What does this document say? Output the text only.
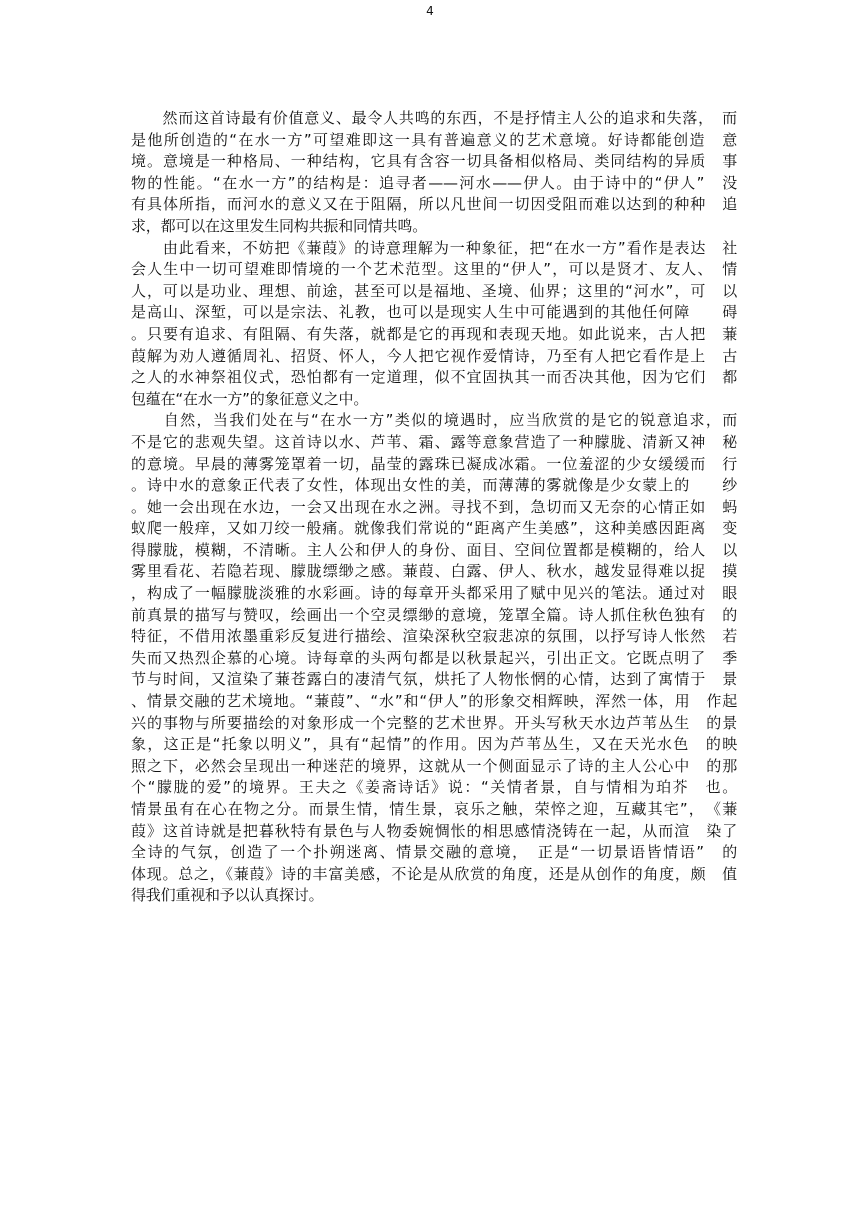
4
　　然而这首诗最有价值意义、最令人共鸣的东西，不是抒情主人公的追求和失落，　而
是他所创造的“在水一方”可望难即这一具有普遍意义的艺术意境。好诗都能创造　意
境。意境是一种格局、一种结构，它具有含容一切具备相似格局、类同结构的异质　事
物的性能。“在水一方”的结构是：追寻者——河水——伊人。由于诗中的“伊人”　没
有具体所指，而河水的意义又在于阻隔，所以凡世间一切因受阻而难以达到的种种　追
求，都可以在这里发生同构共振和同情共鸣。
　　由此看来，不妨把《蒹葭》的诗意理解为一种象征，把“在水一方”看作是表达　社
会人生中一切可望难即情境的一个艺术范型。这里的“伊人”，可以是贤才、友人、　情
人，可以是功业、理想、前途，甚至可以是福地、圣境、仙界；这里的“河水”，可　以
是高山、深堑，可以是宗法、礼教，也可以是现实人生中可能遇到的其他任何障　　碍
。只要有追求、有阻隔、有失落，就都是它的再现和表现天地。如此说来，古人把　蒹
葭解为劝人遵循周礼、招贤、怀人，今人把它视作爱情诗，乃至有人把它看作是上　古
之人的水神祭祖仪式，恐怕都有一定道理，似不宜固执其一而否决其他，因为它们　都
包蕴在“在水一方”的象征意义之中。
　　自然，当我们处在与“在水一方”类似的境遇时，应当欣赏的是它的锐意追求，而
不是它的悲观失望。这首诗以水、芦苇、霜、露等意象营造了一种朦胧、清新又神　秘
的意境。早晨的薄雾笼罩着一切，晶莹的露珠已凝成冰霜。一位羞涩的少女缓缓而　行
。诗中水的意象正代表了女性，体现出女性的美，而薄薄的雾就像是少女蒙上的　　纱
。她一会出现在水边，一会又出现在水之洲。寻找不到，急切而又无奈的心情正如　蚂
蚁爬一般痒，又如刀绞一般痛。就像我们常说的“距离产生美感”，这种美感因距离　变
得朦胧，模糊，不清晰。主人公和伊人的身份、面目、空间位置都是模糊的，给人　以
雾里看花、若隐若现、朦胧缥缈之感。蒹葭、白露、伊人、秋水，越发显得难以捉　摸
，构成了一幅朦胧淡雅的水彩画。诗的每章开头都采用了赋中见兴的笔法。通过对　眼
前真景的描写与赞叹，绘画出一个空灵缥缈的意境，笼罩全篇。诗人抓住秋色独有　的
特征，不借用浓墨重彩反复进行描绘、渲染深秋空寂悲凉的氛围，以抒写诗人怅然　若
失而又热烈企慕的心境。诗每章的头两句都是以秋景起兴，引出正文。它既点明了　季
节与时间，又渲染了蒹苍露白的凄清气氛，烘托了人物怅惘的心情，达到了寓情于　景
、情景交融的艺术境地。“蒹葭”、“水”和“伊人”的形象交相辉映，浑然一体，用　作起
兴的事物与所要描绘的对象形成一个完整的艺术世界。开头写秋天水边芦苇丛生　的景
象，这正是“托象以明义”，具有“起情”的作用。因为芦苇丛生，又在天光水色　的映
照之下，必然会呈现出一种迷茫的境界，这就从一个侧面显示了诗的主人公心中　的那
个“朦胧的爱”的境界。王夫之《姜斋诗话》说：“关情者景，自与情相为珀芥　也。
情景虽有在心在物之分。而景生情，情生景，哀乐之触，荣悴之迎，互藏其宅”，　《蒹
葭》这首诗就是把暮秋特有景色与人物委婉惆怅的相思感情浇铸在一起，从而渲　染了
全诗的气氛，创造了一个扑朔迷离、情景交融的意境，　正是“一切景语皆情语”　的
体现。总之，《蒹葭》诗的丰富美感，不论是从欣赏的角度，还是从创作的角度，颇　值
得我们重视和予以认真探讨。
